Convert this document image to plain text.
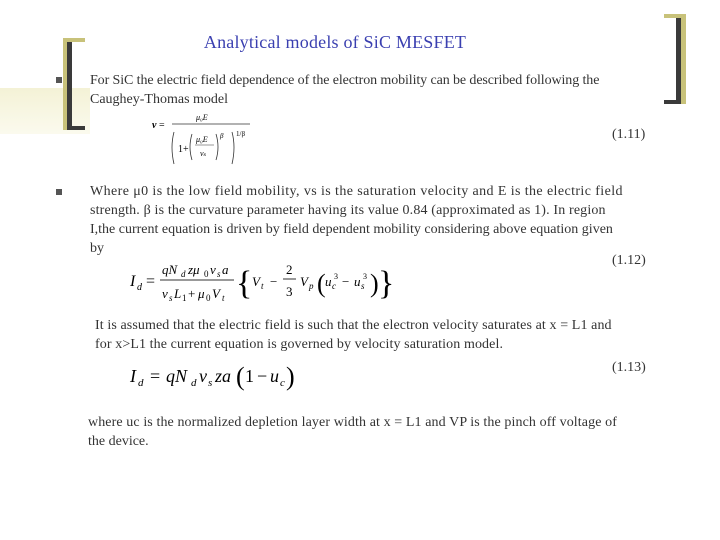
Analytical models of SiC MESFET
For SiC the electric field dependence of the electron mobility can be described following the
Caughey-Thomas model
v =
μ₀E
1+
μ₀E
vₛ
β 1/β	(1.11)
Where μ0 is the low field mobility, vs is the saturation velocity and E is the electric field
strength. β is the curvature parameter having its value 0.84 (approximated as 1). In region
I,the current equation is driven by field dependent mobility considering above equation given
by
I d =
qN d zμ 0 v s a
v s L 1 + μ 0 V t { V t −
2
3
V p ( u c
3 − u s
3 ) }
(1.12)
It is assumed that the electric field is such that the electron velocity saturates at x = L1 and
for x>L1 the current equation is governed by velocity saturation model.
I d = qN d v s za ( 1 − u c )	(1.13)
where uc is the normalized depletion layer width at x = L1 and VP is the pinch off voltage of
the device.
